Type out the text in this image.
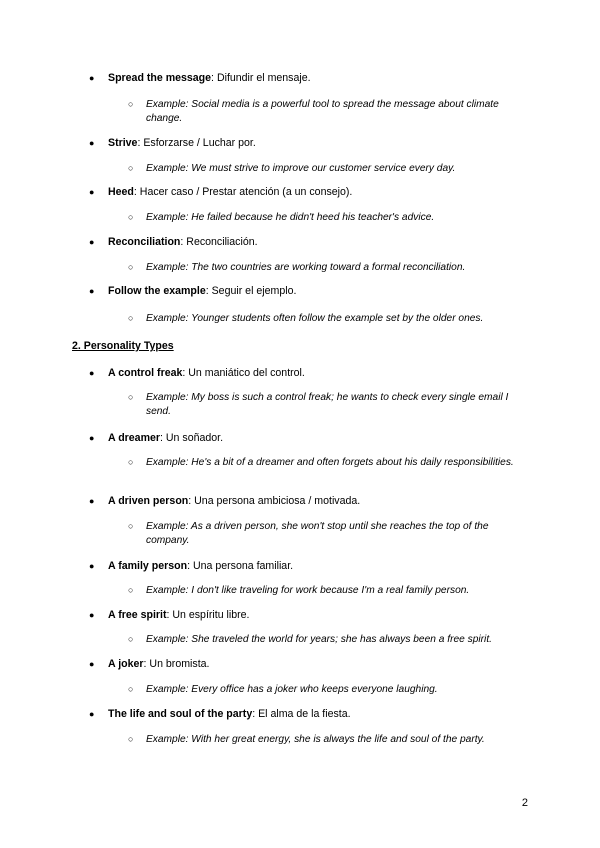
● Spread the message: Difundir el mensaje.
○ Example: Social media is a powerful tool to spread the message about climate change.
● Strive: Esforzarse / Luchar por.
○ Example: We must strive to improve our customer service every day.
● Heed: Hacer caso / Prestar atención (a un consejo).
○ Example: He failed because he didn't heed his teacher's advice.
● Reconciliation: Reconciliación.
○ Example: The two countries are working toward a formal reconciliation.
● Follow the example: Seguir el ejemplo.
○ Example: Younger students often follow the example set by the older ones.
2. Personality Types
● A control freak: Un maniático del control.
○ Example: My boss is such a control freak; he wants to check every single email I send.
● A dreamer: Un soñador.
○ Example: He's a bit of a dreamer and often forgets about his daily responsibilities.
● A driven person: Una persona ambiciosa / motivada.
○ Example: As a driven person, she won't stop until she reaches the top of the company.
● A family person: Una persona familiar.
○ Example: I don't like traveling for work because I'm a real family person.
● A free spirit: Un espíritu libre.
○ Example: She traveled the world for years; she has always been a free spirit.
● A joker: Un bromista.
○ Example: Every office has a joker who keeps everyone laughing.
● The life and soul of the party: El alma de la fiesta.
○ Example: With her great energy, she is always the life and soul of the party.
2
